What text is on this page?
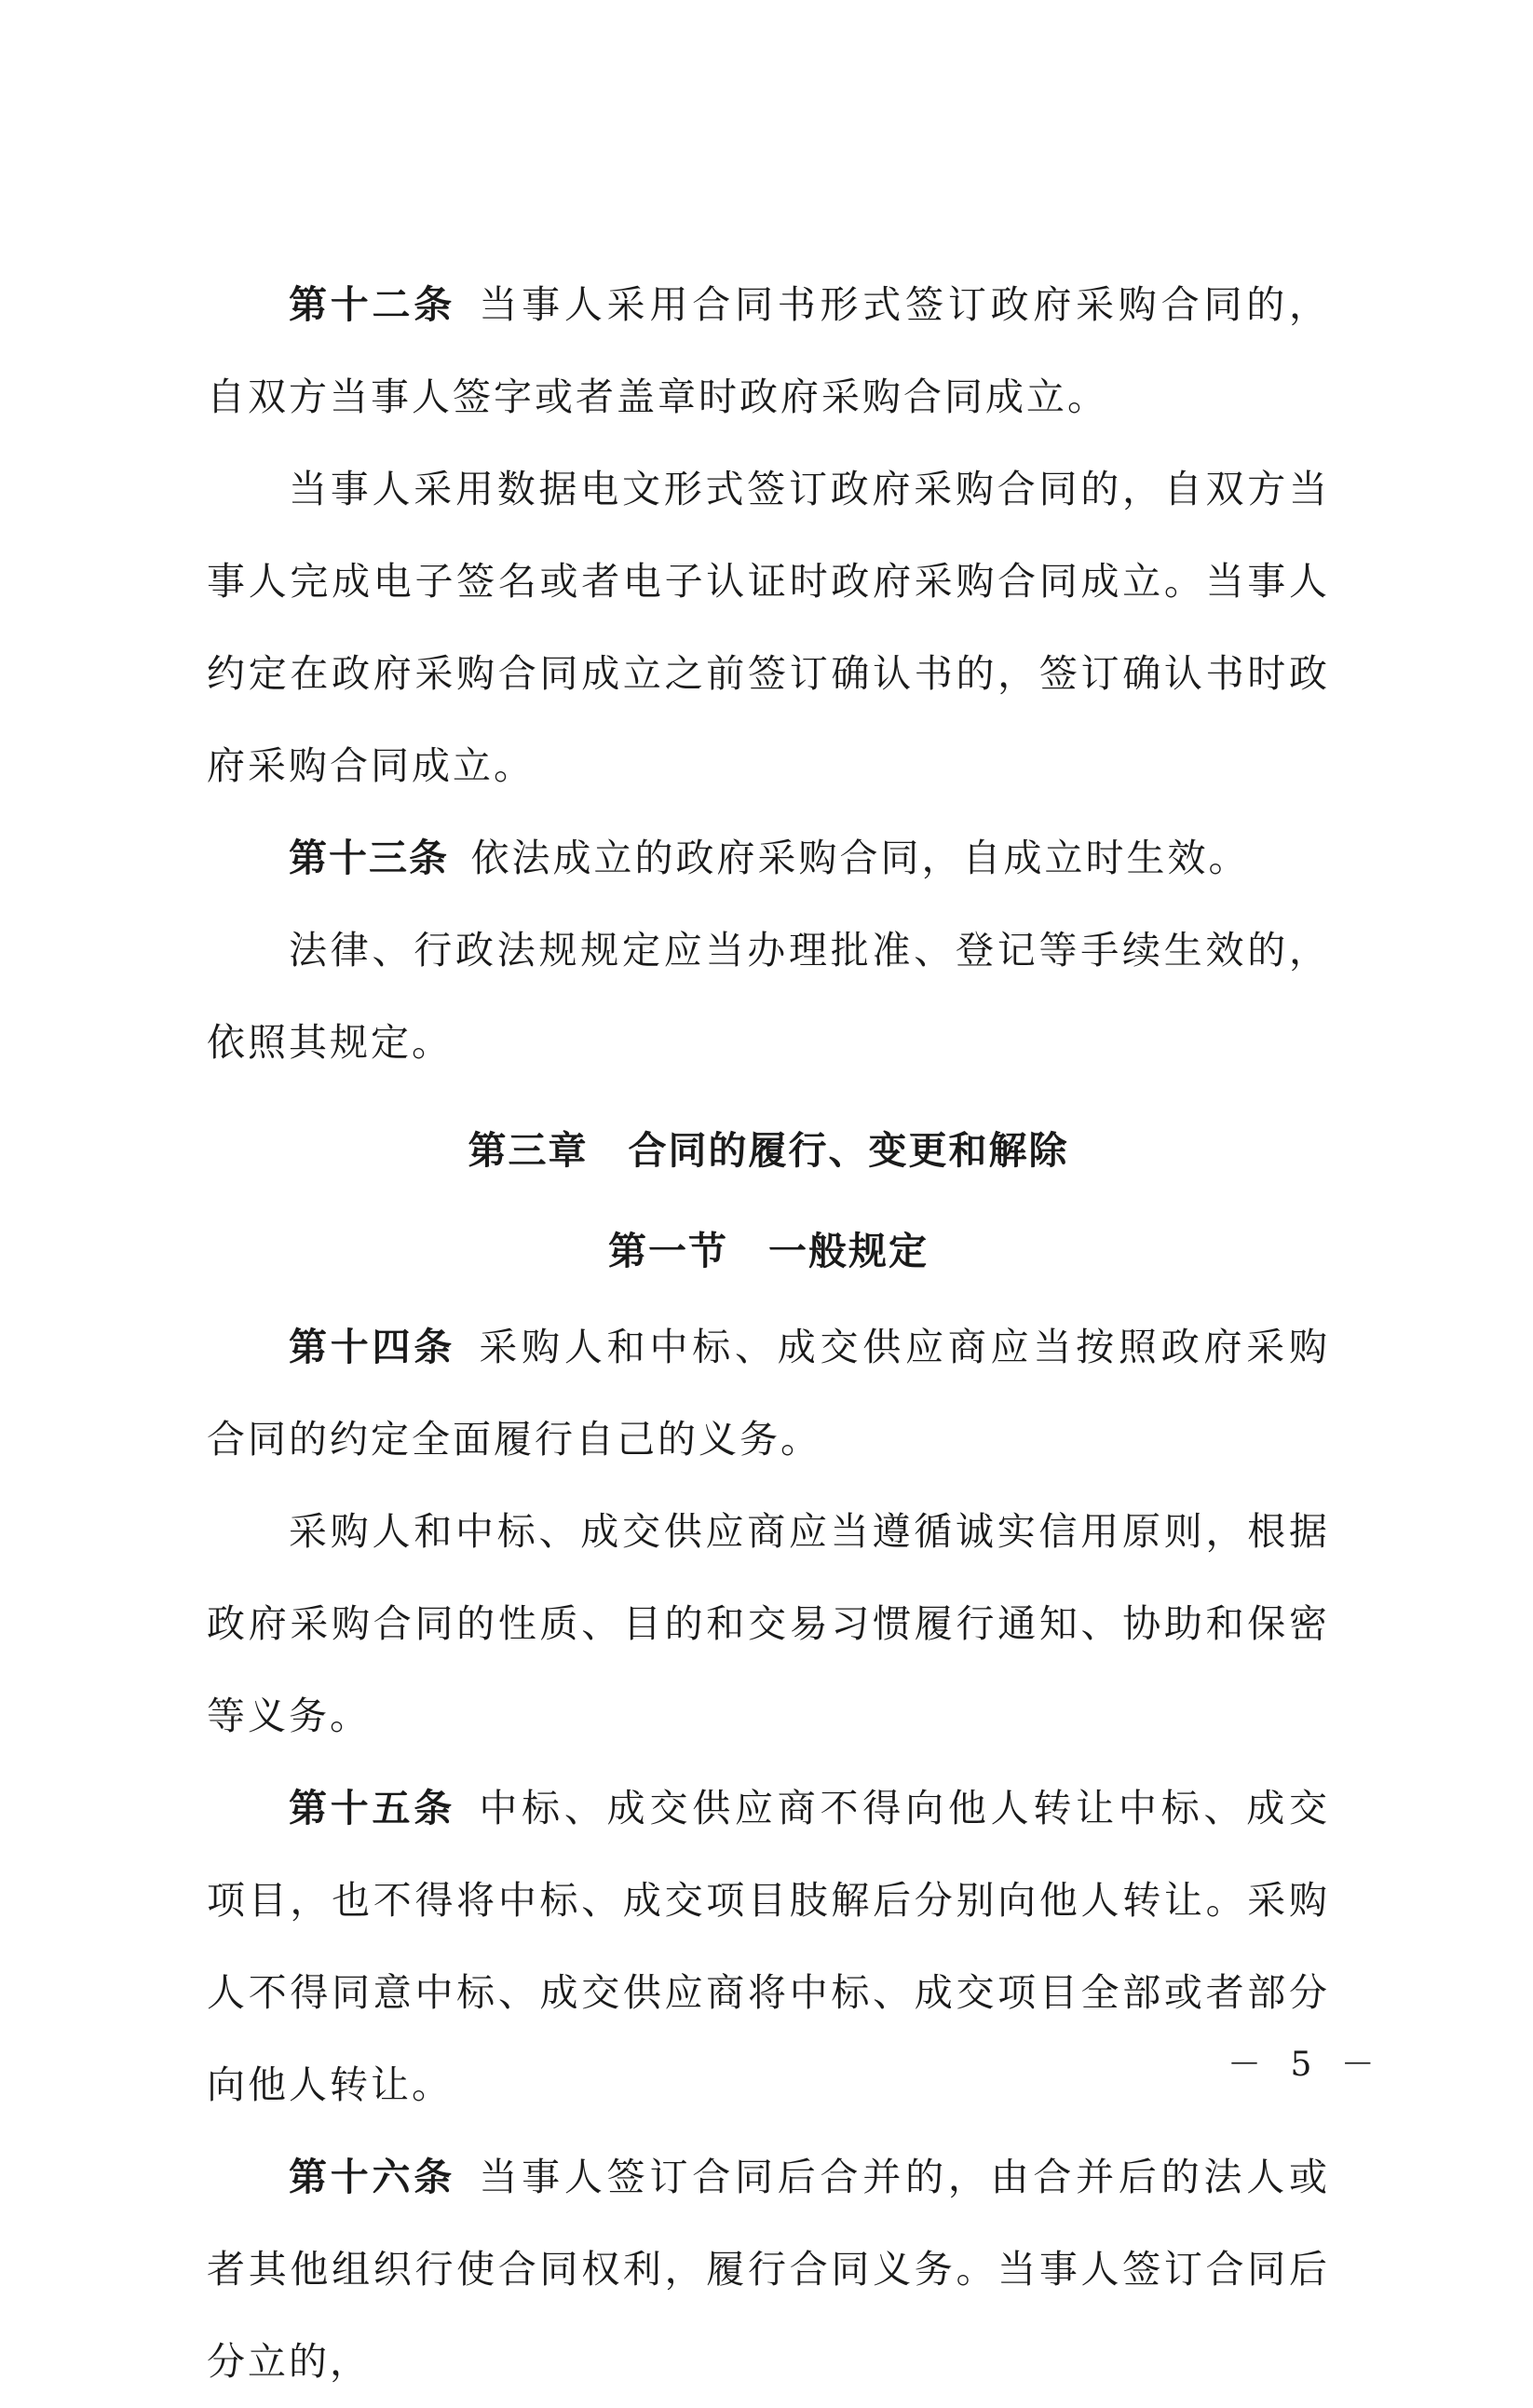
第十二条  当事人采用合同书形式签订政府采购合同的，自双方当事人签字或者盖章时政府采购合同成立。

当事人采用数据电文形式签订政府采购合同的，自双方当事人完成电子签名或者电子认证时政府采购合同成立。当事人约定在政府采购合同成立之前签订确认书的，签订确认书时政府采购合同成立。

第十三条  依法成立的政府采购合同，自成立时生效。

法律、行政法规规定应当办理批准、登记等手续生效的，依照其规定。

第三章　合同的履行、变更和解除

第一节　一般规定

第十四条  采购人和中标、成交供应商应当按照政府采购合同的约定全面履行自己的义务。

采购人和中标、成交供应商应当遵循诚实信用原则，根据政府采购合同的性质、目的和交易习惯履行通知、协助和保密等义务。

第十五条  中标、成交供应商不得向他人转让中标、成交项目，也不得将中标、成交项目肢解后分别向他人转让。采购人不得同意中标、成交供应商将中标、成交项目全部或者部分向他人转让。

第十六条  当事人签订合同后合并的，由合并后的法人或者其他组织行使合同权利，履行合同义务。当事人签订合同后分立的，

－ 5 －
